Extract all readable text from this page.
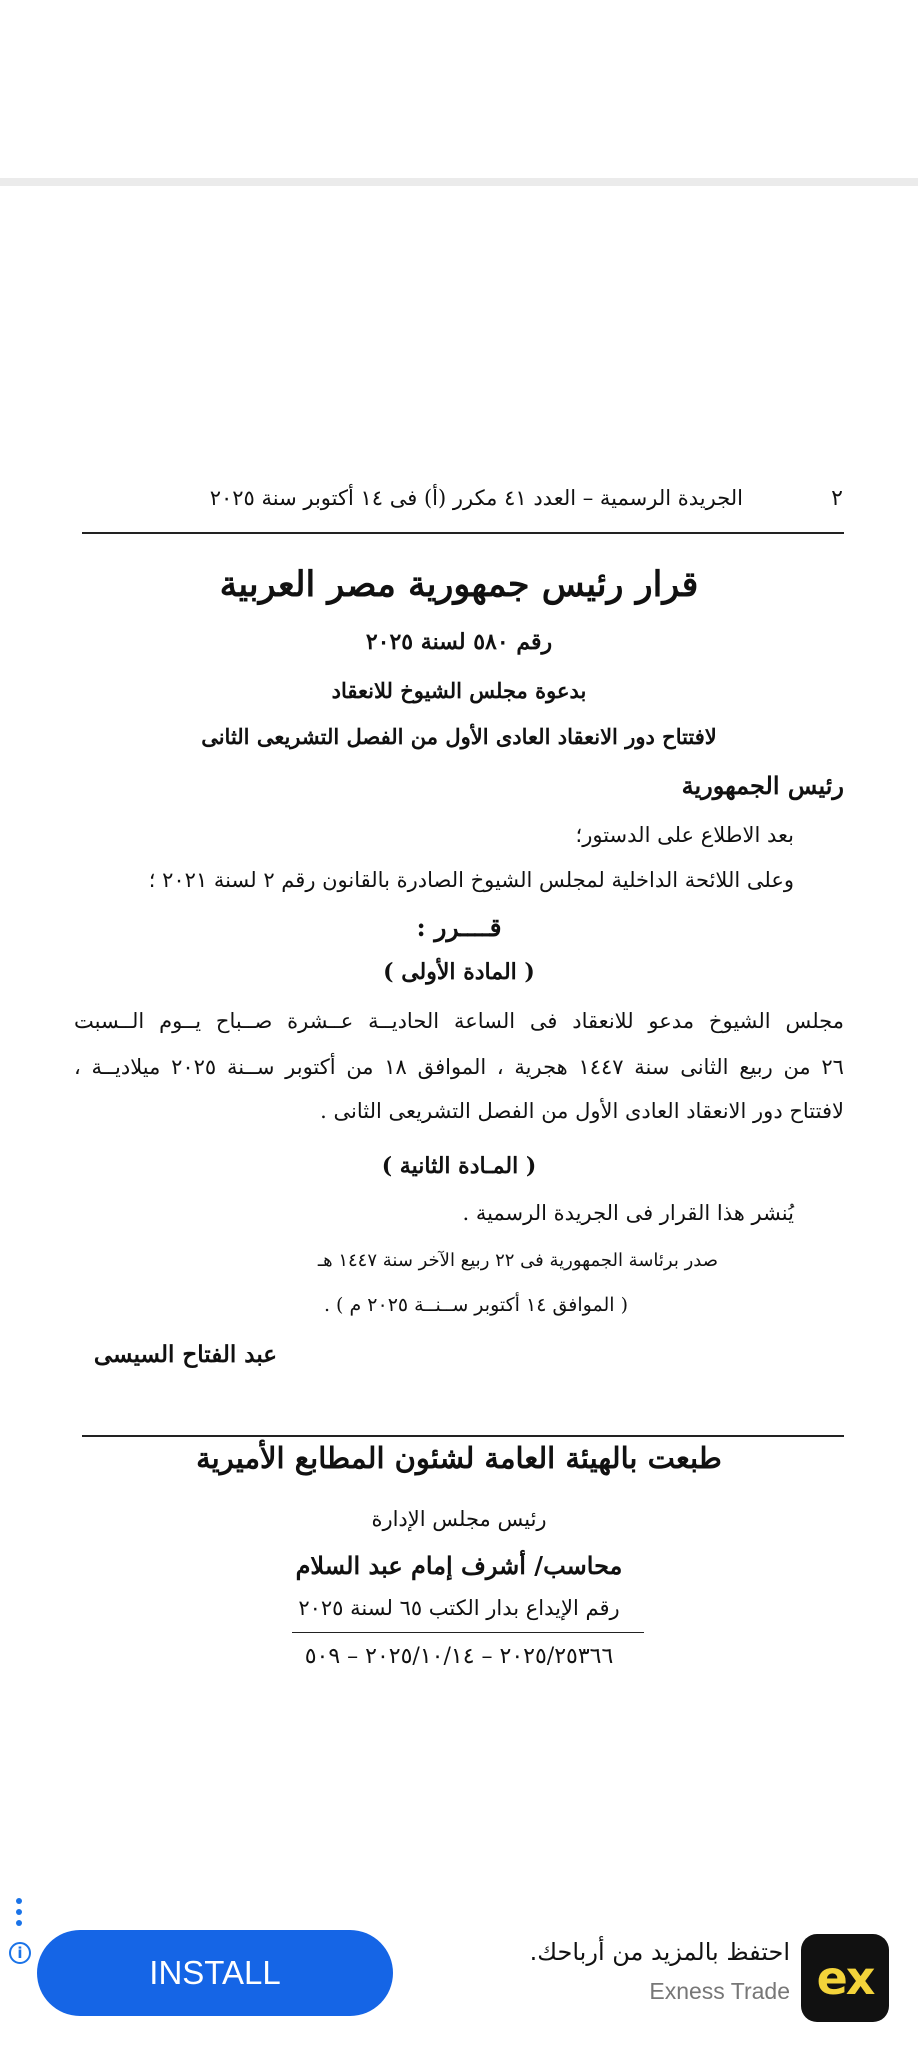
٢
الجريدة الرسمية – العدد ٤١ مكرر (أ) فى ١٤ أكتوبر سنة ٢٠٢٥
قرار رئيس جمهورية مصر العربية
رقم ٥٨٠ لسنة ٢٠٢٥
بدعوة مجلس الشيوخ للانعقاد
لافتتاح دور الانعقاد العادى الأول من الفصل التشريعى الثانى
رئيس الجمهورية
بعد الاطلاع على الدستور؛
وعلى اللائحة الداخلية لمجلس الشيوخ الصادرة بالقانون رقم ٢ لسنة ٢٠٢١ ؛
قــــرر :
( المادة الأولى )
مجلس الشيوخ مدعو للانعقاد فى الساعة الحاديــة عــشرة صــباح يــوم الــسبت
٢٦ من ربيع الثانى سنة ١٤٤٧ هجرية ، الموافق ١٨ من أكتوبر ســنة ٢٠٢٥ ميلاديــة ،
لافتتاح دور الانعقاد العادى الأول من الفصل التشريعى الثانى .
( المـادة الثانية )
يُنشر هذا القرار فى الجريدة الرسمية .
صدر برئاسة الجمهورية فى ٢٢ ربيع الآخر سنة ١٤٤٧ هـ
( الموافق ١٤ أكتوبر ســنــة ٢٠٢٥ م ) .
عبد الفتاح السيسى
طبعت بالهيئة العامة لشئون المطابع الأميرية
رئيس مجلس الإدارة
محاسب/ أشرف إمام عبد السلام
رقم الإيداع بدار الكتب ٦٥ لسنة ٢٠٢٥
٢٠٢٥/٢٥٣٦٦ – ٢٠٢٥/١٠/١٤ – ٥٠٩
i
INSTALL
احتفظ بالمزيد من أرباحك.
Exness Trade ex
